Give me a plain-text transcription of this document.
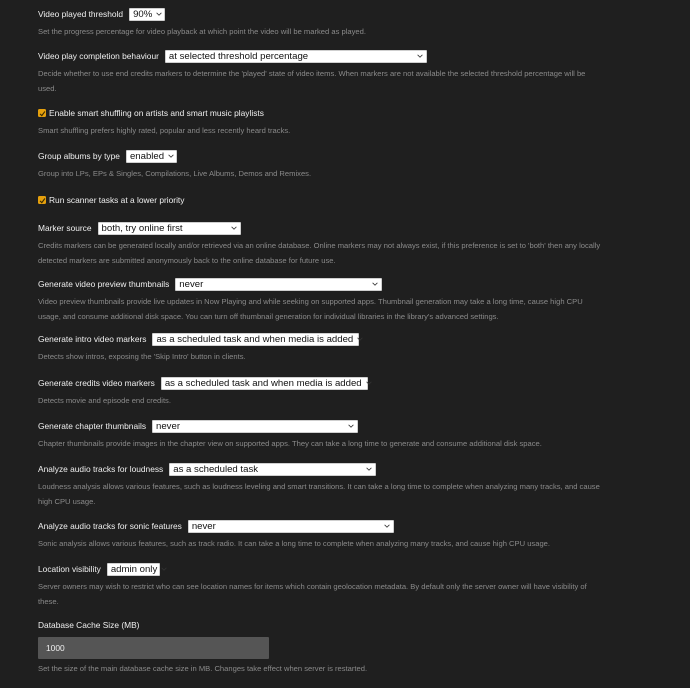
Video played threshold 90%
Set the progress percentage for video playback at which point the video will be marked as played.
Video play completion behaviour at selected threshold percentage
Decide whether to use end credits markers to determine the 'played' state of video items. When markers are not available the selected threshold percentage will be used.
Enable smart shuffling on artists and smart music playlists
Smart shuffling prefers highly rated, popular and less recently heard tracks.
Group albums by type enabled
Group into LPs, EPs & Singles, Compilations, Live Albums, Demos and Remixes.
Run scanner tasks at a lower priority
Marker source both, try online first
Credits markers can be generated locally and/or retrieved via an online database. Online markers may not always exist, if this preference is set to 'both' then any locally detected markers are submitted anonymously back to the online database for future use.
Generate video preview thumbnails never
Video preview thumbnails provide live updates in Now Playing and while seeking on supported apps. Thumbnail generation may take a long time, cause high CPU usage, and consume additional disk space. You can turn off thumbnail generation for individual libraries in the library's advanced settings.
Generate intro video markers as a scheduled task and when media is added
Detects show intros, exposing the 'Skip Intro' button in clients.
Generate credits video markers as a scheduled task and when media is added
Detects movie and episode end credits.
Generate chapter thumbnails never
Chapter thumbnails provide images in the chapter view on supported apps. They can take a long time to generate and consume additional disk space.
Analyze audio tracks for loudness as a scheduled task
Loudness analysis allows various features, such as loudness leveling and smart transitions. It can take a long time to complete when analyzing many tracks, and cause high CPU usage.
Analyze audio tracks for sonic features never
Sonic analysis allows various features, such as track radio. It can take a long time to complete when analyzing many tracks, and cause high CPU usage.
Location visibility admin only
Server owners may wish to restrict who can see location names for items which contain geolocation metadata. By default only the server owner will have visibility of these.
Database Cache Size (MB)
1000
Set the size of the main database cache size in MB. Changes take effect when server is restarted.
